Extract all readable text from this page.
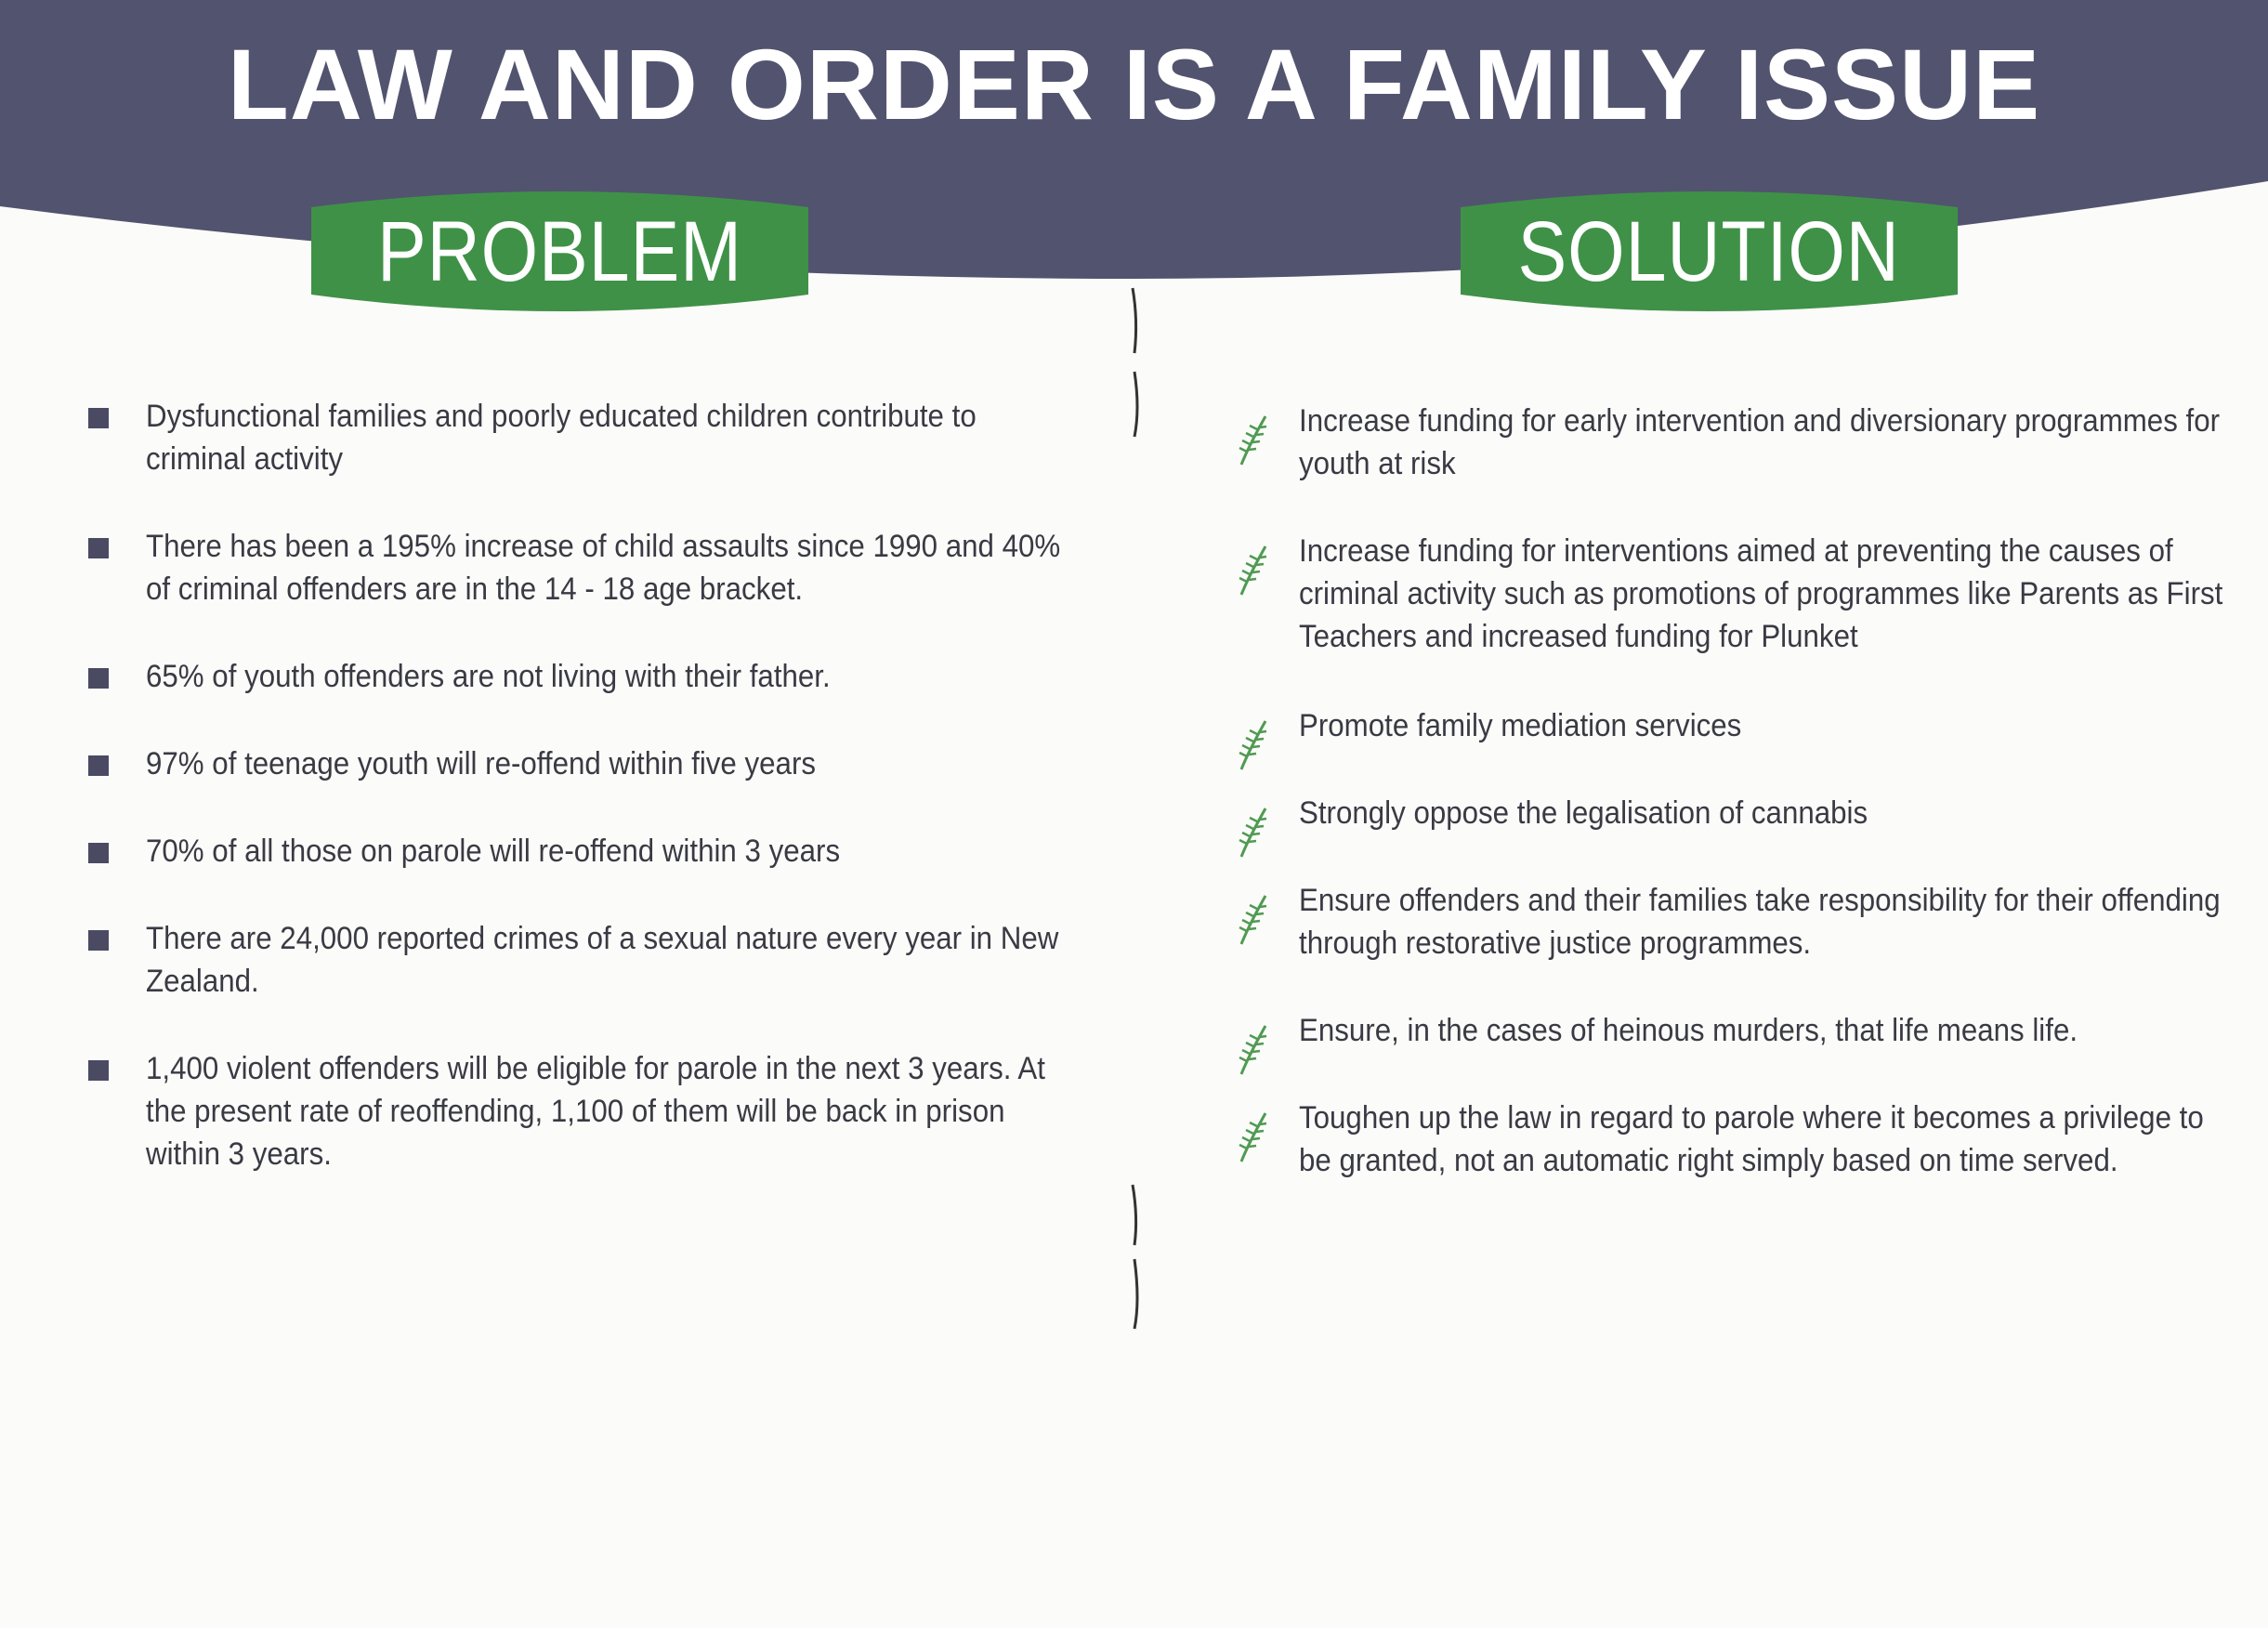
LAW AND ORDER IS A FAMILY ISSUE
PROBLEM	SOLUTION
Dysfunctional families and poorly educated children contribute to criminal activity
There has been a 195% increase of child assaults since 1990 and 40% of criminal offenders are in the 14 - 18 age bracket.
65% of youth offenders are not living with their father.
97% of teenage youth will re-offend within five years
70% of all those on parole will re-offend within 3 years
There are 24,000 reported crimes of a sexual nature every year in New Zealand.
1,400 violent offenders will be eligible for parole in the next 3 years. At the present rate of reoffending, 1,100 of them will be back in prison within 3 years.
Increase funding for early intervention and diversionary programmes for youth at risk
Increase funding for interventions aimed at preventing the causes of criminal activity such as promotions of programmes like Parents as First Teachers and increased funding for Plunket
Promote family mediation services
Strongly oppose the legalisation of cannabis
Ensure offenders and their families take responsibility for their offending through restorative justice programmes.
Ensure, in the cases of heinous murders, that life means life.
Toughen up the law in regard to parole where it becomes a privilege to be granted, not an automatic right simply based on time served.
